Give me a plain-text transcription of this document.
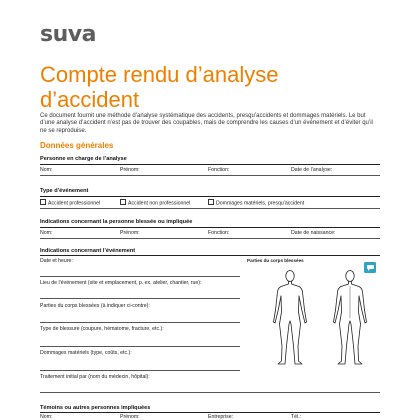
suva
Compte rendu d’analyse
d’accident
Ce document fournit une méthode d’analyse systématique des accidents, presqu’accidents et dommages matériels. Le but d’une analyse d’accident n’est pas de trouver des coupables, mais de comprendre les causes d’un événement et d’éviter qu’il ne se reproduise.
Données générales
Personne en charge de l’analyse
Nom:	Prénom:	Fonction:	Date de l’analyse:
Type d’événement
Accident professionnel	Accident non professionnel	Dommages matériels, presqu’accident
Indications concernant la personne blessée ou impliquée
Nom:	Prénom:	Fonction:	Date de naissance:
Indications concernant l’événement
Date et heure:	Parties du corps blessées
Lieu de l’événement (site et emplacement, p. ex. atelier, chantier, rue):
Parties du corps blessées (à indiquer ci-contre):
Type de blessure (coupure, hématome, fracture, etc.):
Dommages matériels (type, coûts, etc.):
Traitement initial par (nom du médecin, hôpital):
Témoins ou autres personnes impliquées
Nom:	Prénom:	Entreprise:	Tél.:
